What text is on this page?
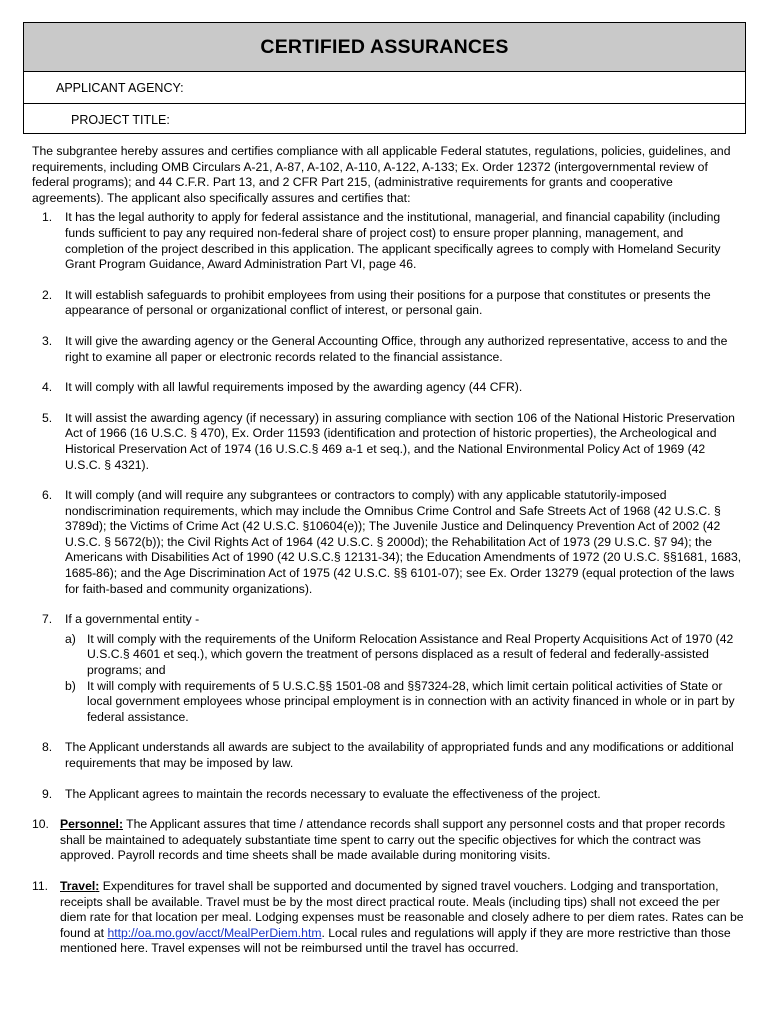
CERTIFIED ASSURANCES
APPLICANT AGENCY:
PROJECT TITLE:

The subgrantee hereby assures and certifies compliance with all applicable Federal statutes, regulations, policies, guidelines, and requirements, including OMB Circulars A-21, A-87, A-102, A-110, A-122, A-133; Ex. Order 12372 (intergovernmental review of federal programs); and 44 C.F.R. Part 13, and 2 CFR Part 215, (administrative requirements for grants and cooperative agreements). The applicant also specifically assures and certifies that:

1. It has the legal authority to apply for federal assistance and the institutional, managerial, and financial capability (including funds sufficient to pay any required non-federal share of project cost) to ensure proper planning, management, and completion of the project described in this application. The applicant specifically agrees to comply with Homeland Security Grant Program Guidance, Award Administration Part VI, page 46.
2. It will establish safeguards to prohibit employees from using their positions for a purpose that constitutes or presents the appearance of personal or organizational conflict of interest, or personal gain.
3. It will give the awarding agency or the General Accounting Office, through any authorized representative, access to and the right to examine all paper or electronic records related to the financial assistance.
4. It will comply with all lawful requirements imposed by the awarding agency (44 CFR).
5. It will assist the awarding agency (if necessary) in assuring compliance with section 106 of the National Historic Preservation Act of 1966 (16 U.S.C. § 470), Ex. Order 11593 (identification and protection of historic properties), the Archeological and Historical Preservation Act of 1974 (16 U.S.C.§ 469 a-1 et seq.), and the National Environmental Policy Act of 1969 (42 U.S.C. § 4321).
6. It will comply (and will require any subgrantees or contractors to comply) with any applicable statutorily-imposed nondiscrimination requirements, which may include the Omnibus Crime Control and Safe Streets Act of 1968 (42 U.S.C. § 3789d); the Victims of Crime Act (42 U.S.C. §10604(e)); The Juvenile Justice and Delinquency Prevention Act of 2002 (42 U.S.C. § 5672(b)); the Civil Rights Act of 1964 (42 U.S.C. § 2000d); the Rehabilitation Act of 1973 (29 U.S.C. §7 94); the Americans with Disabilities Act of 1990 (42 U.S.C.§ 12131-34); the Education Amendments of 1972 (20 U.S.C. §§1681, 1683, 1685-86); and the Age Discrimination Act of 1975 (42 U.S.C. §§ 6101-07); see Ex. Order 13279 (equal protection of the laws for faith-based and community organizations).
7. If a governmental entity -
a) It will comply with the requirements of the Uniform Relocation Assistance and Real Property Acquisitions Act of 1970 (42 U.S.C.§ 4601 et seq.), which govern the treatment of persons displaced as a result of federal and federally-assisted programs; and
b) It will comply with requirements of 5 U.S.C.§§ 1501-08 and §§7324-28, which limit certain political activities of State or local government employees whose principal employment is in connection with an activity financed in whole or in part by federal assistance.
8. The Applicant understands all awards are subject to the availability of appropriated funds and any modifications or additional requirements that may be imposed by law.
9. The Applicant agrees to maintain the records necessary to evaluate the effectiveness of the project.
10. Personnel: The Applicant assures that time / attendance records shall support any personnel costs and that proper records shall be maintained to adequately substantiate time spent to carry out the specific objectives for which the contract was approved. Payroll records and time sheets shall be made available during monitoring visits.
11. Travel: Expenditures for travel shall be supported and documented by signed travel vouchers. Lodging and transportation, receipts shall be available. Travel must be by the most direct practical route. Meals (including tips) shall not exceed the per diem rate for that location per meal. Lodging expenses must be reasonable and closely adhere to per diem rates. Rates can be found at http://oa.mo.gov/acct/MealPerDiem.htm. Local rules and regulations will apply if they are more restrictive than those mentioned here. Travel expenses will not be reimbursed until the travel has occurred.
